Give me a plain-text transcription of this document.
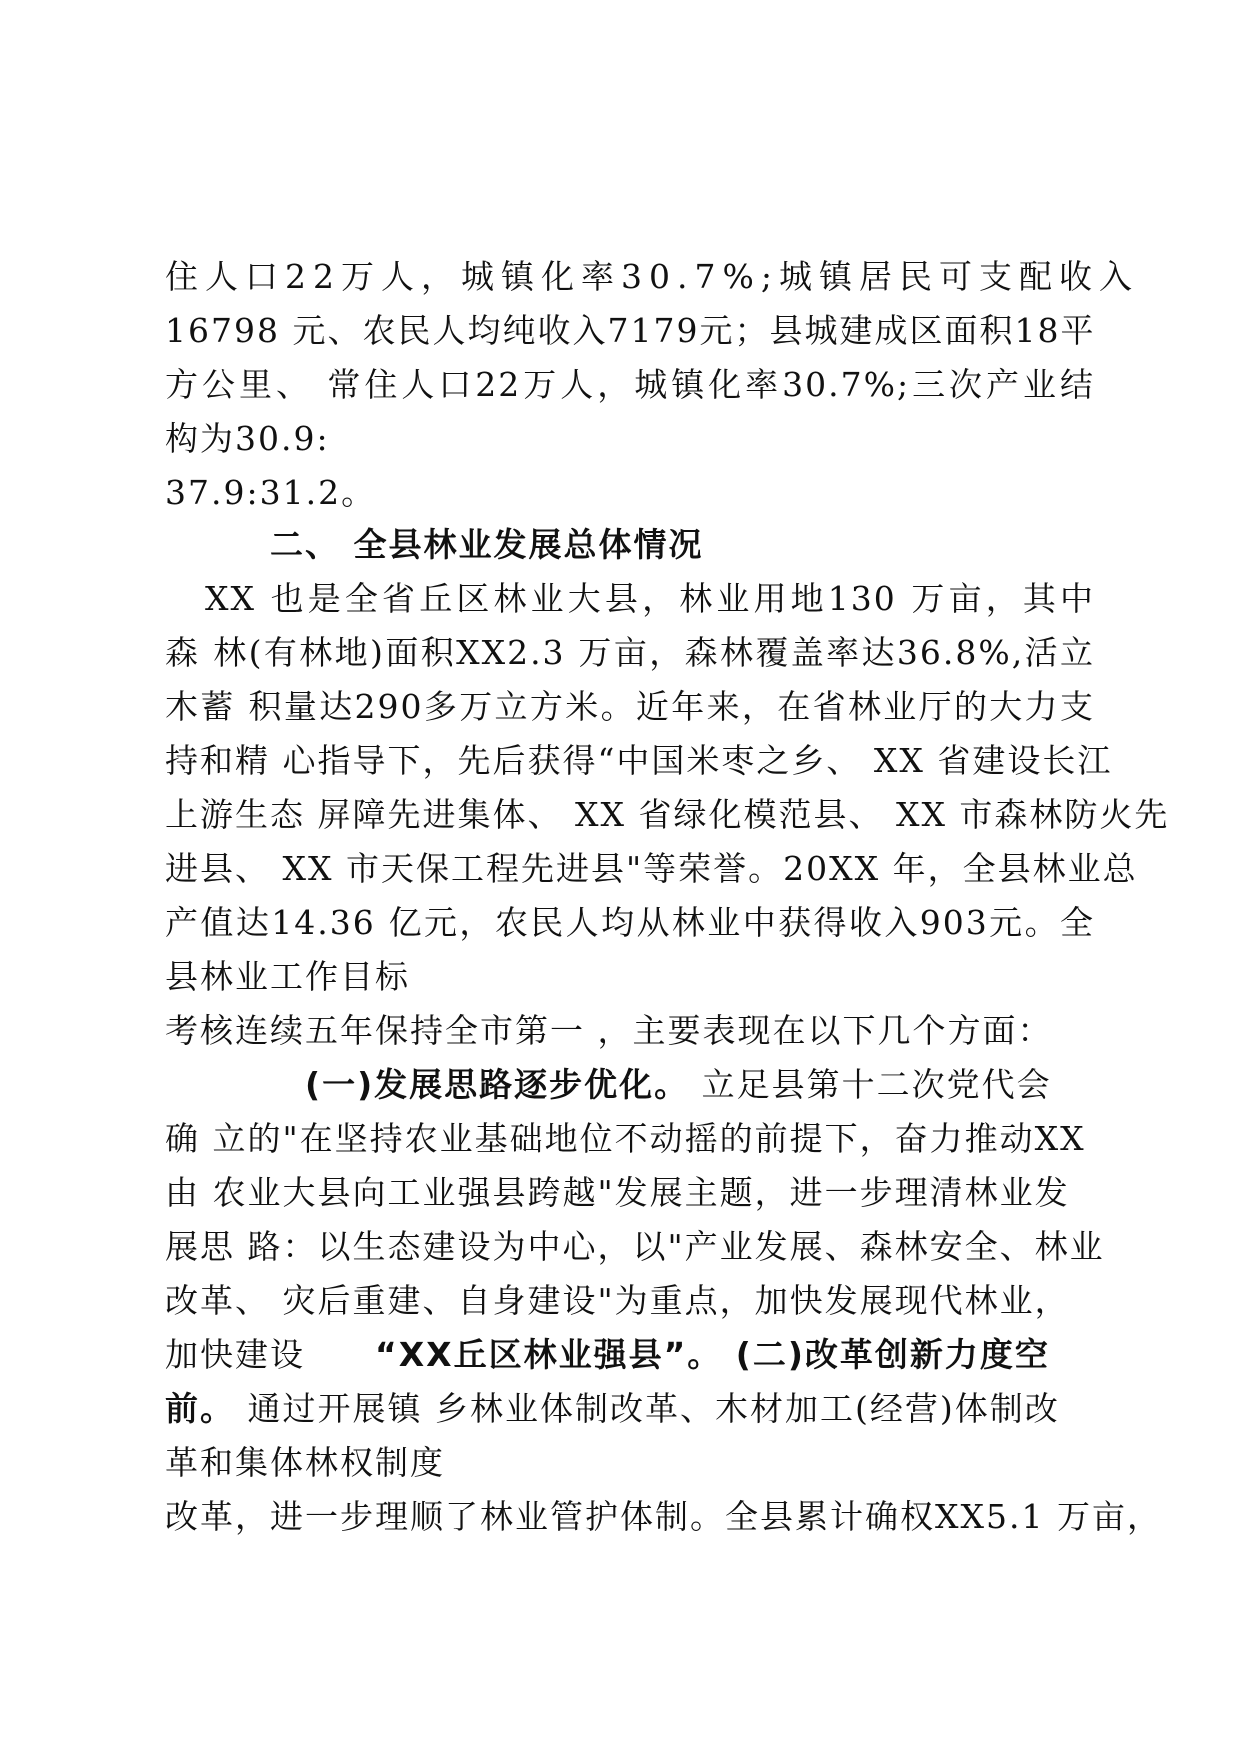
住人口22万人，城镇化率30.7%;城镇居民可支配收入
16798 元、农民人均纯收入7179元；县城建成区面积18平
方公里、 常住人口22万人，城镇化率30.7%;三次产业结
构为30.9:
37.9:31.2。
二、 全县林业发展总体情况
XX 也是全省丘区林业大县，林业用地130 万亩，其中
森 林(有林地)面积XX2.3 万亩，森林覆盖率达36.8%,活立
木蓄 积量达290多万立方米。近年来，在省林业厅的大力支
持和精 心指导下，先后获得“中国米枣之乡、 XX 省建设长江
上游生态 屏障先进集体、 XX 省绿化模范县、 XX 市森林防火先
进县、 XX 市天保工程先进县"等荣誉。20XX 年，全县林业总
产值达14.36 亿元，农民人均从林业中获得收入903元。全
县林业工作目标
考核连续五年保持全市第一 ，主要表现在以下几个方面：
(一)发展思路逐步优化。 立足县第十二次党代会
确 立的"在坚持农业基础地位不动摇的前提下，奋力推动XX
由 农业大县向工业强县跨越"发展主题，进一步理清林业发
展思 路：以生态建设为中心，以"产业发展、森林安全、林业
改革、 灾后重建、自身建设"为重点，加快发展现代林业，
加快建设 “XX丘区林业强县”。 (二)改革创新力度空
前。 通过开展镇 乡林业体制改革、木材加工(经营)体制改
革和集体林权制度
改革，进一步理顺了林业管护体制。全县累计确权XX5.1 万亩，
